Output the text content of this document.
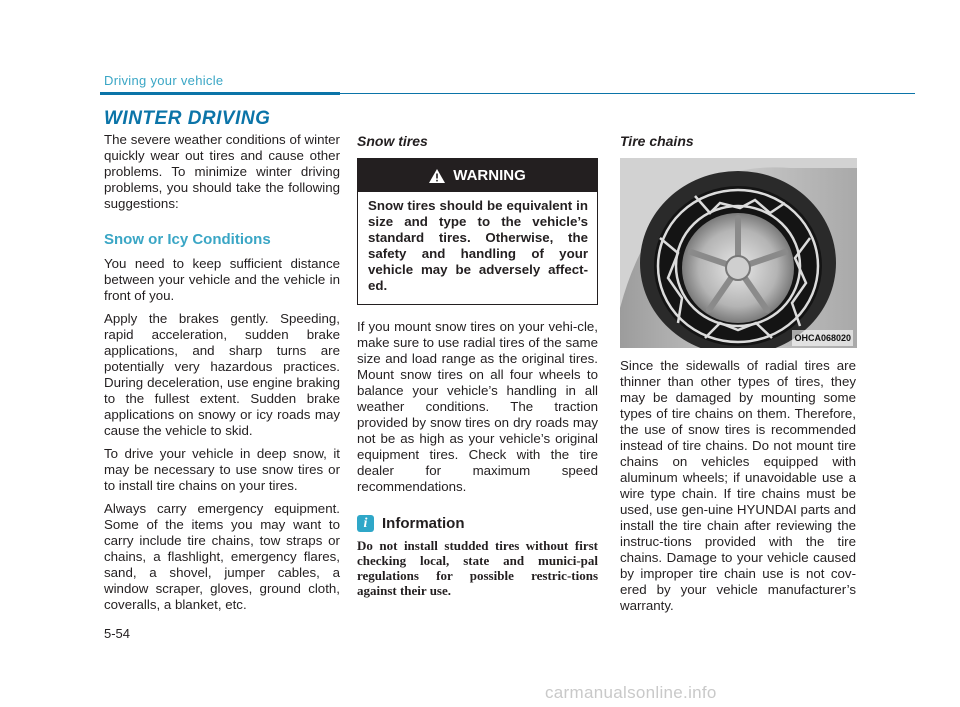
Driving your vehicle
WINTER DRIVING

The severe weather conditions of winter quickly wear out tires and cause other problems. To minimize winter driving problems, you should take the following suggestions:

Snow or Icy Conditions

You need to keep sufficient distance between your vehicle and the vehicle in front of you.

Apply the brakes gently. Speeding, rapid acceleration, sudden brake applications, and sharp turns are potentially very hazardous practices. During deceleration, use engine braking to the fullest extent. Sudden brake applications on snowy or icy roads may cause the vehicle to skid.

To drive your vehicle in deep snow, it may be necessary to use snow tires or to install tire chains on your tires.

Always carry emergency equipment. Some of the items you may want to carry include tire chains, tow straps or chains, a flashlight, emergency flares, sand, a shovel, jumper cables, a window scraper, gloves, ground cloth, coveralls, a blanket, etc.

Snow tires
WARNING
Snow tires should be equivalent in size and type to the vehicle’s standard tires. Otherwise, the safety and handling of your vehicle may be adversely affect-ed.

If you mount snow tires on your vehi-cle, make sure to use radial tires of the same size and load range as the original tires. Mount snow tires on all four wheels to balance your vehicle’s handling in all weather conditions. The traction provided by snow tires on dry roads may not be as high as your vehicle’s original equipment tires. Check with the tire dealer for maximum speed recommendations.

i Information
Do not install studded tires without first checking local, state and munici-pal regulations for possible restric-tions against their use.
Tire chains
OHCA068020

Since the sidewalls of radial tires are thinner than other types of tires, they may be damaged by mounting some types of tire chains on them. Therefore, the use of snow tires is recommended instead of tire chains. Do not mount tire chains on vehicles equipped with aluminum wheels; if unavoidable use a wire type chain. If tire chains must be used, use gen-uine HYUNDAI parts and install the tire chain after reviewing the instruc-tions provided with the tire chains. Damage to your vehicle caused by improper tire chain use is not cov-ered by your vehicle manufacturer’s warranty.

5-54
carmanualsonline.info
